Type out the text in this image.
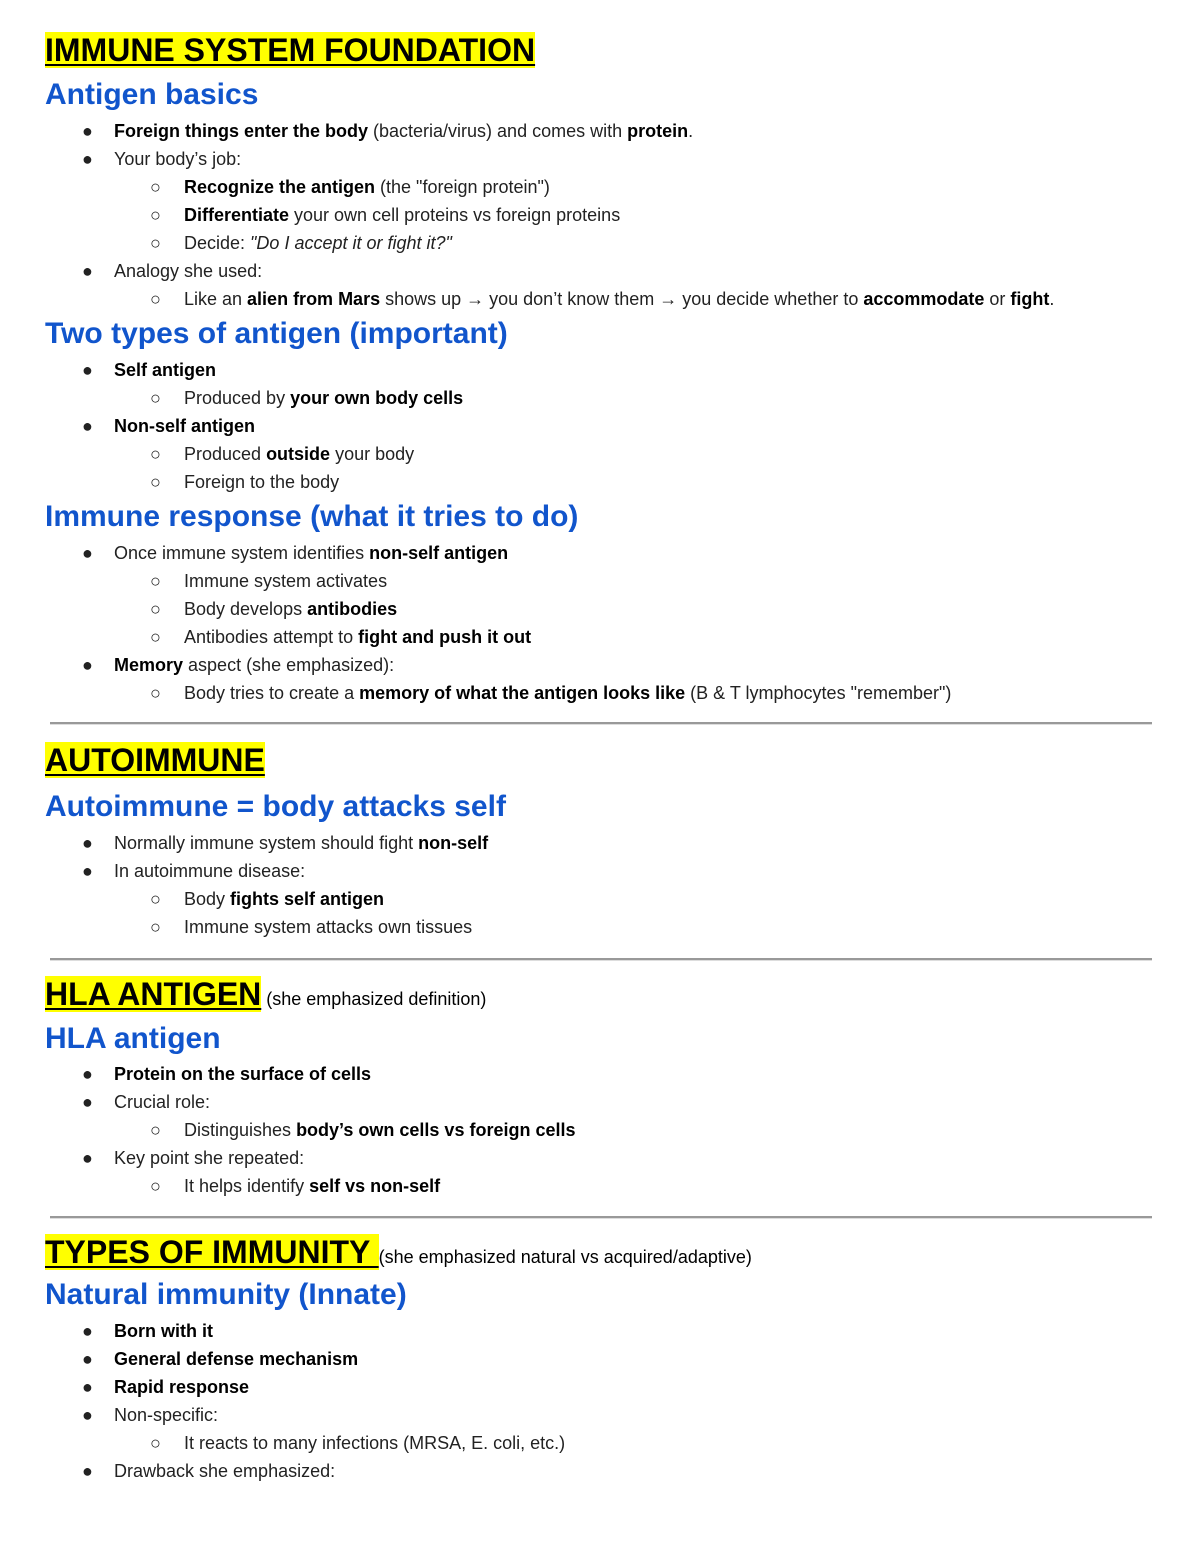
IMMUNE SYSTEM FOUNDATION
Antigen basics
● Foreign things enter the body (bacteria/virus) and comes with protein.
● Your body’s job:
○ Recognize the antigen (the "foreign protein")
○ Differentiate your own cell proteins vs foreign proteins
○ Decide: "Do I accept it or fight it?"
● Analogy she used:
○ Like an alien from Mars shows up → you don’t know them → you decide whether to accommodate or fight.
Two types of antigen (important)
● Self antigen
○ Produced by your own body cells
● Non-self antigen
○ Produced outside your body
○ Foreign to the body
Immune response (what it tries to do)
● Once immune system identifies non-self antigen
○ Immune system activates
○ Body develops antibodies
○ Antibodies attempt to fight and push it out
● Memory aspect (she emphasized):
○ Body tries to create a memory of what the antigen looks like (B & T lymphocytes "remember")
AUTOIMMUNE
Autoimmune = body attacks self
● Normally immune system should fight non-self
● In autoimmune disease:
○ Body fights self antigen
○ Immune system attacks own tissues
HLA ANTIGEN (she emphasized definition)
HLA antigen
● Protein on the surface of cells
● Crucial role:
○ Distinguishes body’s own cells vs foreign cells
● Key point she repeated:
○ It helps identify self vs non-self
TYPES OF IMMUNITY (she emphasized natural vs acquired/adaptive)
Natural immunity (Innate)
● Born with it
● General defense mechanism
● Rapid response
● Non-specific:
○ It reacts to many infections (MRSA, E. coli, etc.)
● Drawback she emphasized:
